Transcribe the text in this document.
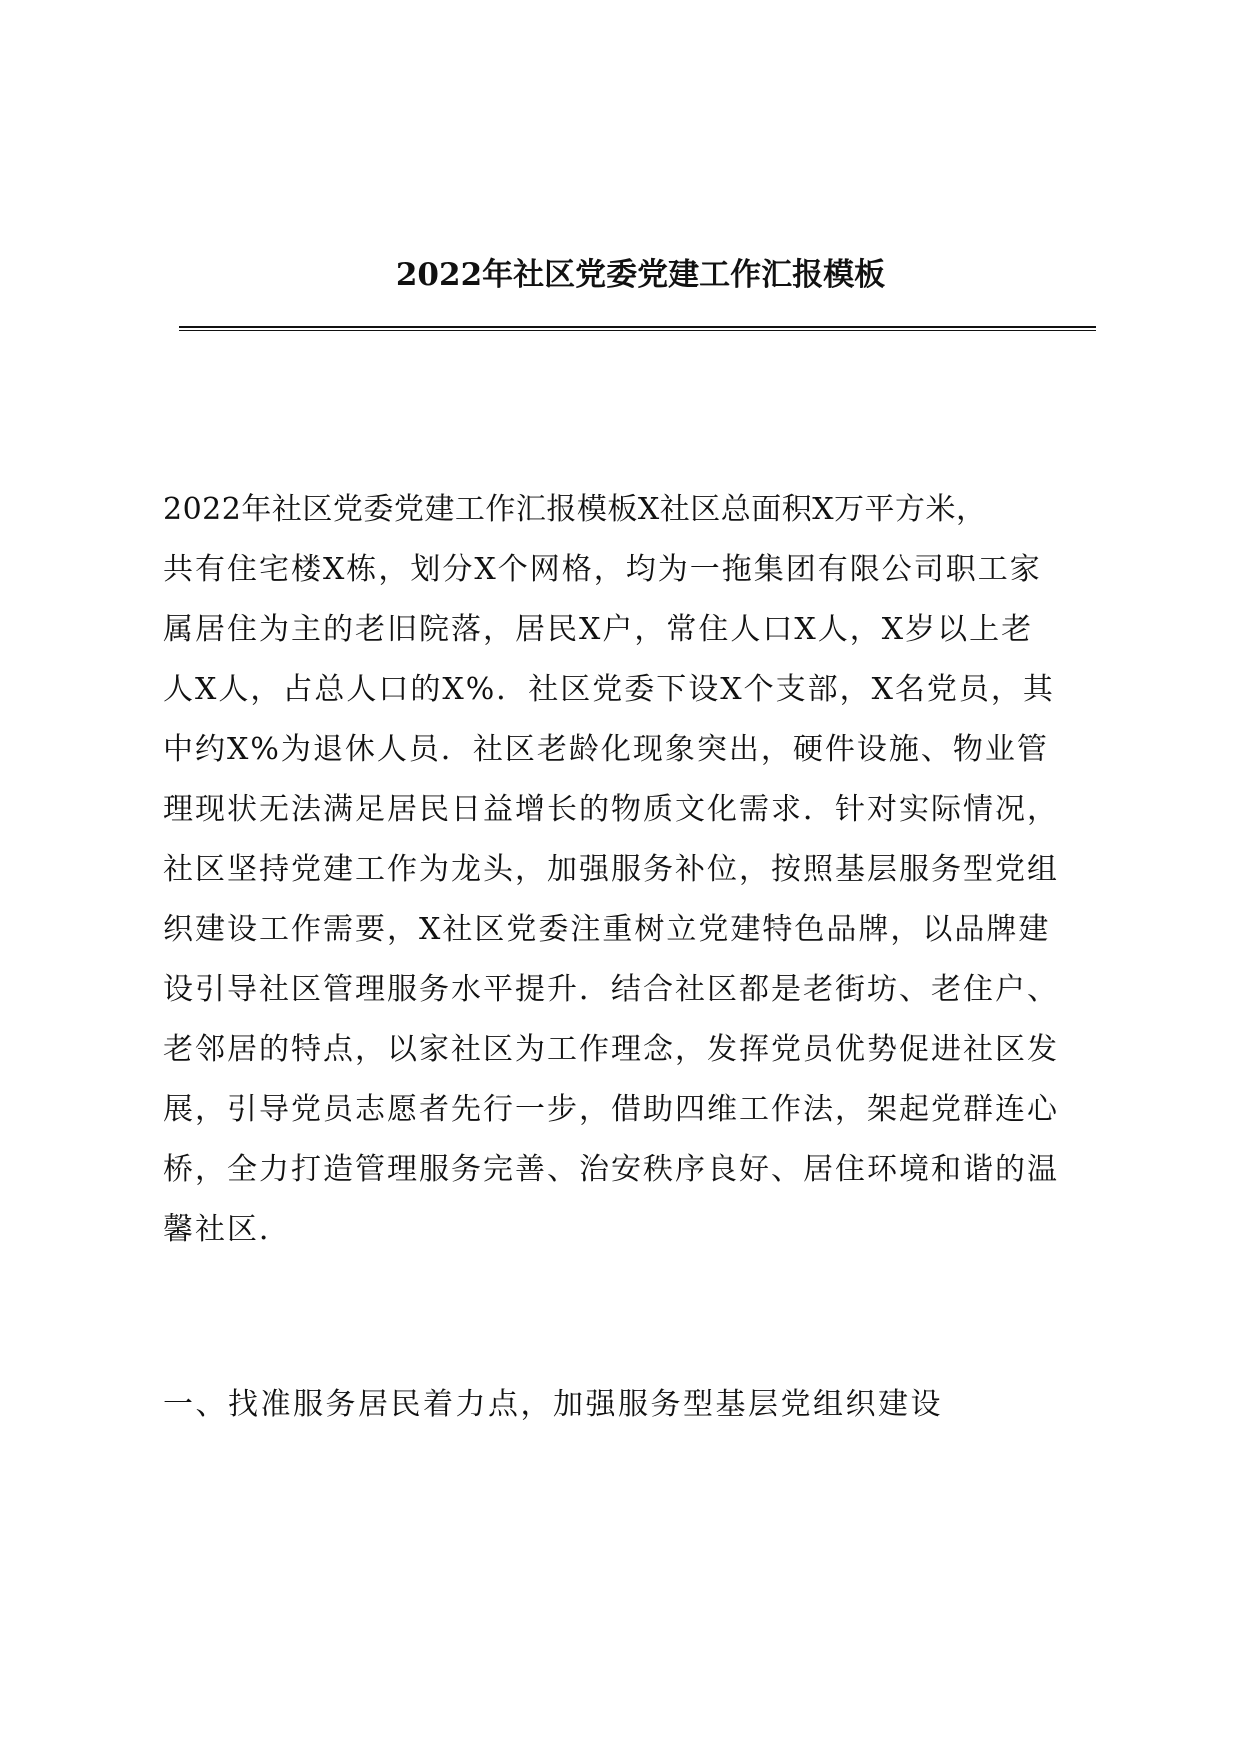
2022年社区党委党建工作汇报模板
2022年社区党委党建工作汇报模板X社区总面积X万平方米，
共有住宅楼X栋，划分X个网格，均为一拖集团有限公司职工家
属居住为主的老旧院落，居民X户，常住人口X人，X岁以上老
人X人，占总人口的X%．社区党委下设X个支部，X名党员，其
中约X%为退休人员．社区老龄化现象突出，硬件设施、物业管
理现状无法满足居民日益增长的物质文化需求．针对实际情况，
社区坚持党建工作为龙头，加强服务补位，按照基层服务型党组
织建设工作需要，X社区党委注重树立党建特色品牌，以品牌建
设引导社区管理服务水平提升．结合社区都是老街坊、老住户、
老邻居的特点，以家社区为工作理念，发挥党员优势促进社区发
展，引导党员志愿者先行一步，借助四维工作法，架起党群连心
桥，全力打造管理服务完善、治安秩序良好、居住环境和谐的温
馨社区．
一、找准服务居民着力点，加强服务型基层党组织建设
